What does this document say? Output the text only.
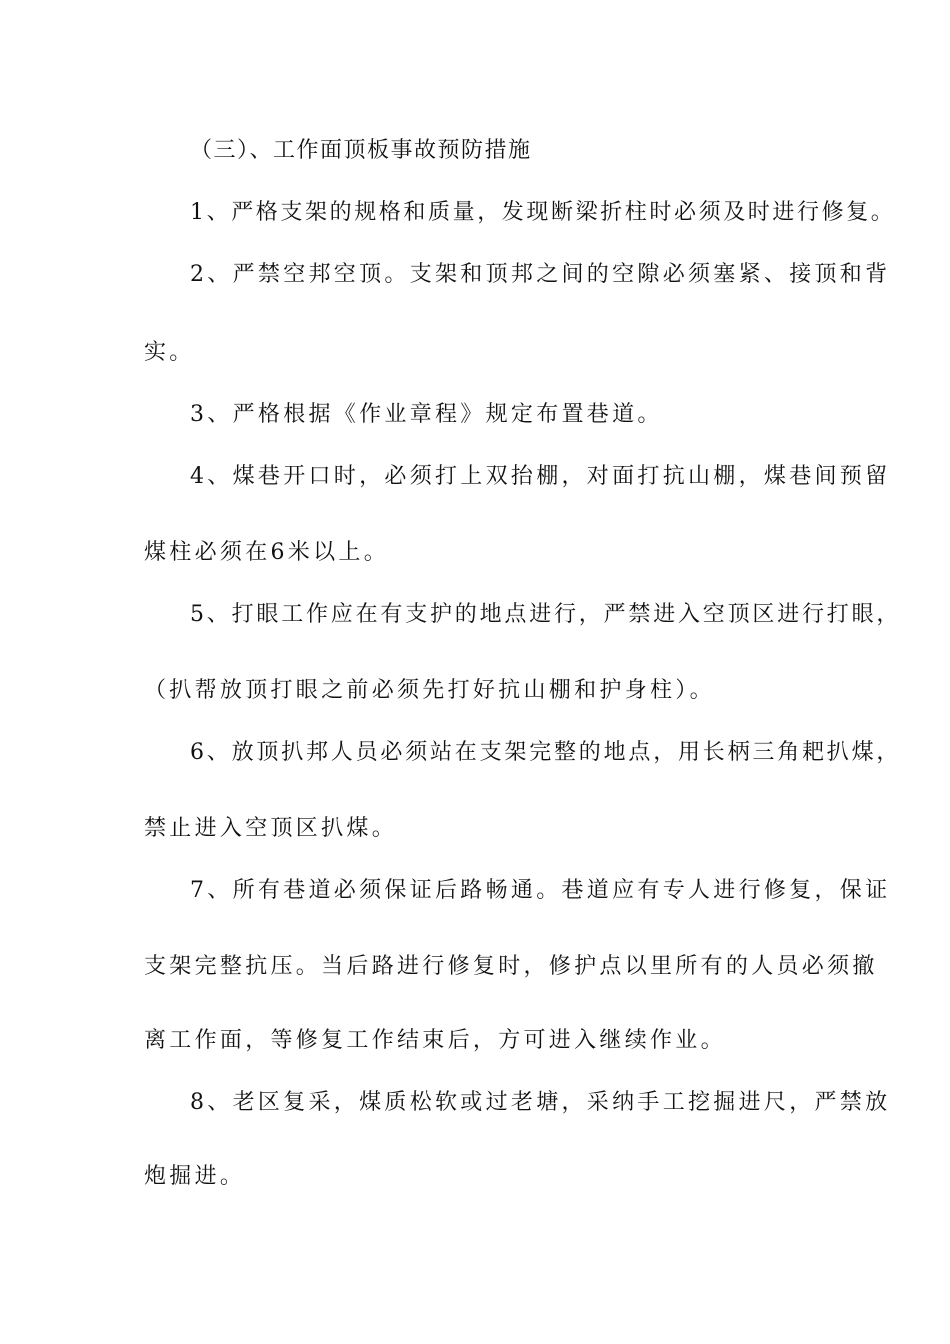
（三）、工作面顶板事故预防措施
1、严格支架的规格和质量，发现断梁折柱时必须及时进行修复。
2、严禁空邦空顶。支架和顶邦之间的空隙必须塞紧、接顶和背
实。
3、严格根据《作业章程》规定布置巷道。
4、煤巷开口时，必须打上双抬棚，对面打抗山棚，煤巷间预留
煤柱必须在6米以上。
5、打眼工作应在有支护的地点进行，严禁进入空顶区进行打眼，
（扒帮放顶打眼之前必须先打好抗山棚和护身柱）。
6、放顶扒邦人员必须站在支架完整的地点，用长柄三角耙扒煤，
禁止进入空顶区扒煤。
7、所有巷道必须保证后路畅通。巷道应有专人进行修复，保证
支架完整抗压。当后路进行修复时，修护点以里所有的人员必须撤
离工作面，等修复工作结束后，方可进入继续作业。
8、老区复采，煤质松软或过老塘，采纳手工挖掘进尺，严禁放
炮掘进。
